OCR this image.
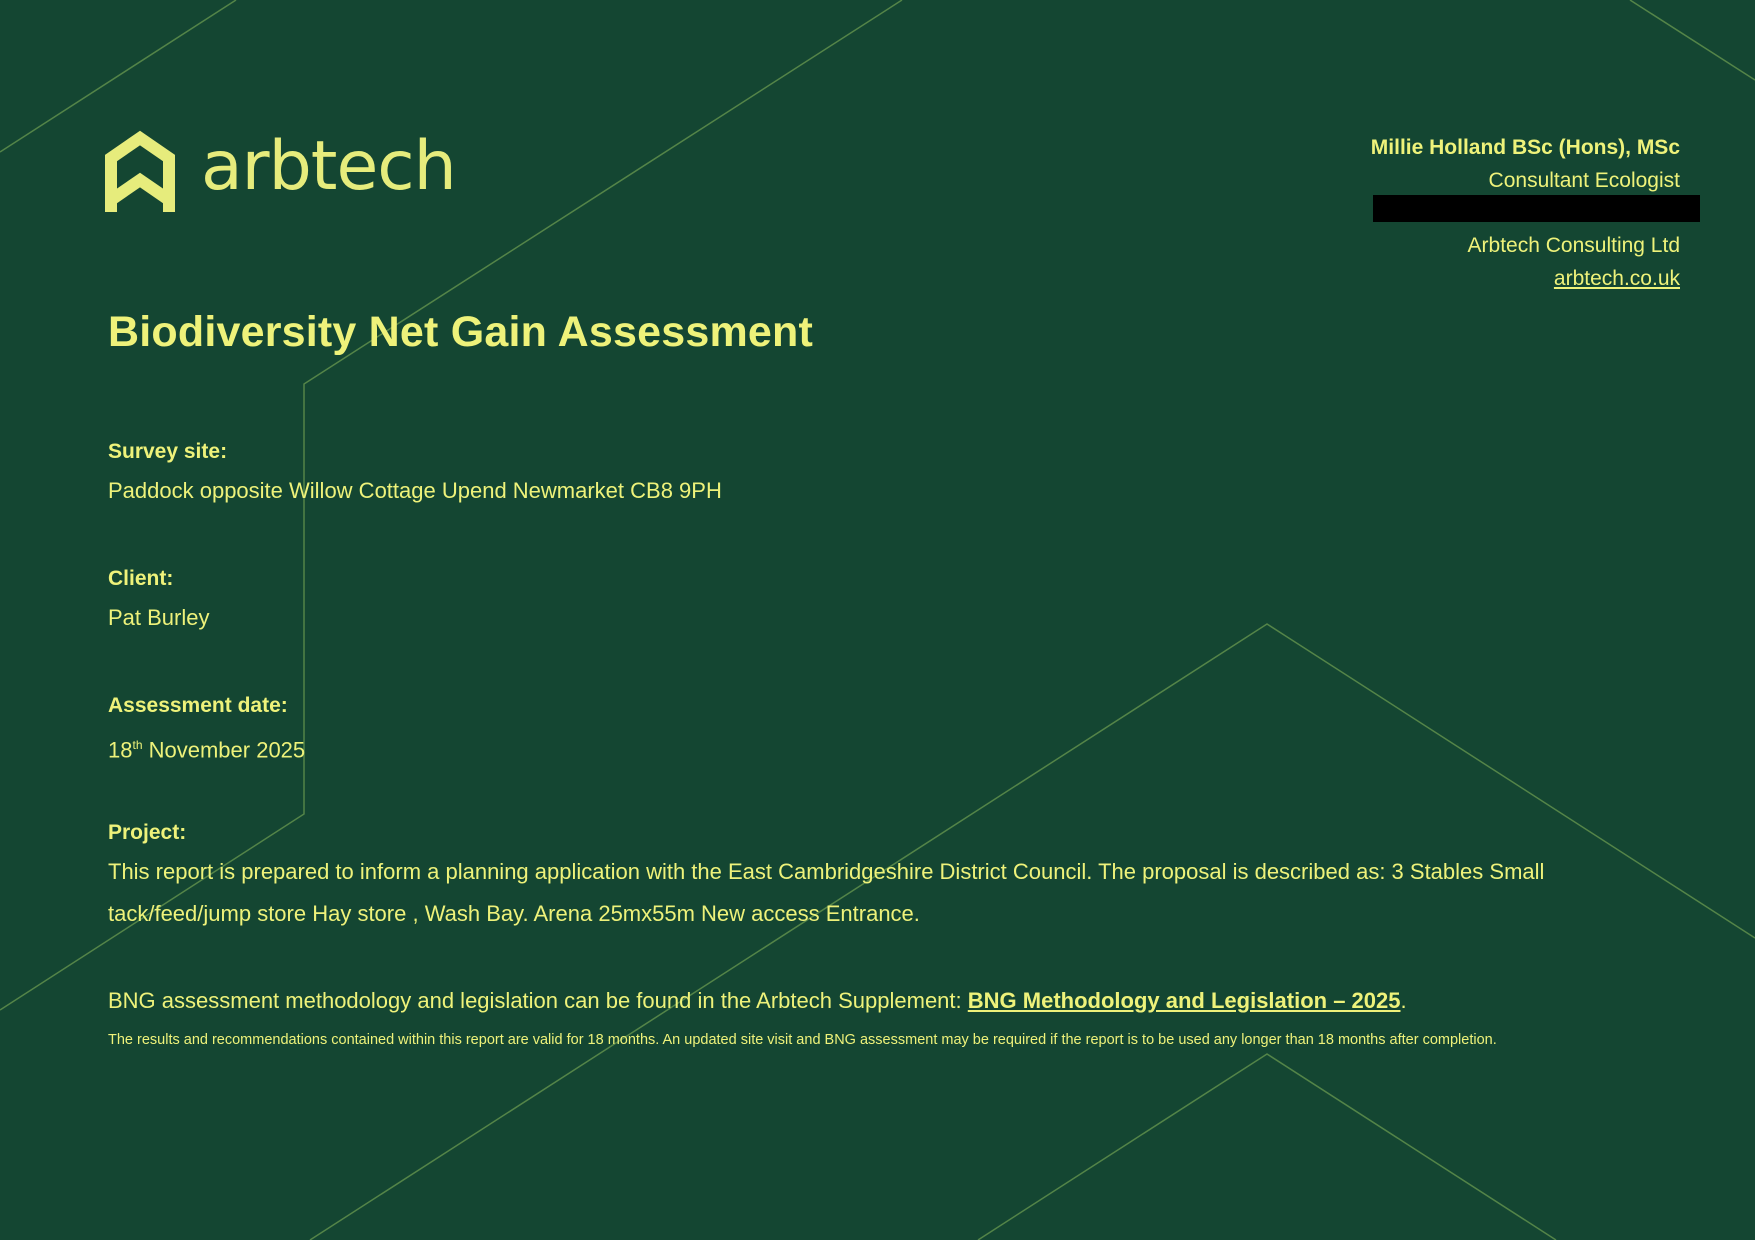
arbtech	Millie Holland BSc (Hons), MSc
Consultant Ecologist
Arbtech Consulting Ltd
arbtech.co.uk
Biodiversity Net Gain Assessment
Survey site:
Paddock opposite Willow Cottage Upend Newmarket CB8 9PH
Client:
Pat Burley
Assessment date:
18th November 2025
Project:
This report is prepared to inform a planning application with the East Cambridgeshire District Council. The proposal is described as: 3 Stables Small tack/feed/jump store Hay store , Wash Bay. Arena 25mx55m New access Entrance.
BNG assessment methodology and legislation can be found in the Arbtech Supplement: BNG Methodology and Legislation – 2025.
The results and recommendations contained within this report are valid for 18 months. An updated site visit and BNG assessment may be required if the report is to be used any longer than 18 months after completion.
